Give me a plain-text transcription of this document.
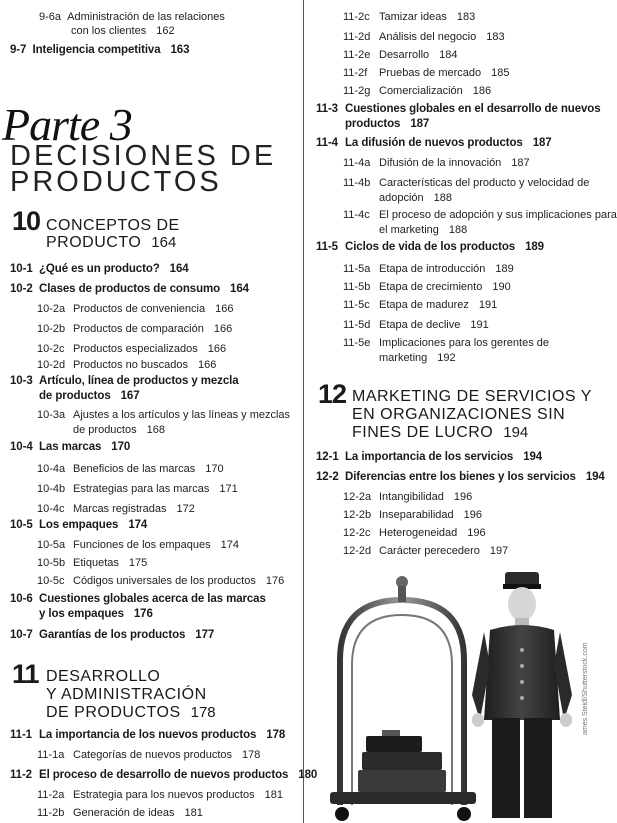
9-6a Administración de las relaciones
con los clientes 162
9-7 Inteligencia competitiva 163
Parte 3
DECISIONES DE
PRODUCTOS
10 CONCEPTOS DE
PRODUCTO 164
10-1 ¿Qué es un producto? 164
10-2 Clases de productos de consumo 164
10-2a Productos de conveniencia 166
10-2b Productos de comparación 166
10-2c Productos especializados 166
10-2d Productos no buscados 166
10-3 Artículo, línea de productos y mezcla
de productos 167
10-3a Ajustes a los artículos y las líneas y mezclas
de productos 168
10-4 Las marcas 170
10-4a Beneficios de las marcas 170
10-4b Estrategias para las marcas 171
10-4c Marcas registradas 172
10-5 Los empaques 174
10-5a Funciones de los empaques 174
10-5b Etiquetas 175
10-5c Códigos universales de los productos 176
10-6 Cuestiones globales acerca de las marcas
y los empaques 176
10-7 Garantías de los productos 177
11 DESARROLLO
Y ADMINISTRACIÓN
DE PRODUCTOS 178
11-1 La importancia de los nuevos productos 178
11-1a Categorías de nuevos productos 178
11-2 El proceso de desarrollo de nuevos productos 180
11-2a Estrategia para los nuevos productos 181
11-2b Generación de ideas 181
11-2c Tamizar ideas 183
11-2d Análisis del negocio 183
11-2e Desarrollo 184
11-2f Pruebas de mercado 185
11-2g Comercialización 186
11-3 Cuestiones globales en el desarrollo de nuevos
productos 187
11-4 La difusión de nuevos productos 187
11-4a Difusión de la innovación 187
11-4b Características del producto y velocidad de
adopción 188
11-4c El proceso de adopción y sus implicaciones para
el marketing 188
11-5 Ciclos de vida de los productos 189
11-5a Etapa de introducción 189
11-5b Etapa de crecimiento 190
11-5c Etapa de madurez 191
11-5d Etapa de declive 191
11-5e Implicaciones para los gerentes de
marketing 192
12 MARKETING DE SERVICIOS Y
EN ORGANIZACIONES SIN
FINES DE LUCRO 194
12-1 La importancia de los servicios 194
12-2 Diferencias entre los bienes y los servicios 194
12-2a Intangibilidad 196
12-2b Inseparabilidad 196
12-2c Heterogeneidad 196
12-2d Carácter perecedero 197
ames Steidl/Shutterstock.com
